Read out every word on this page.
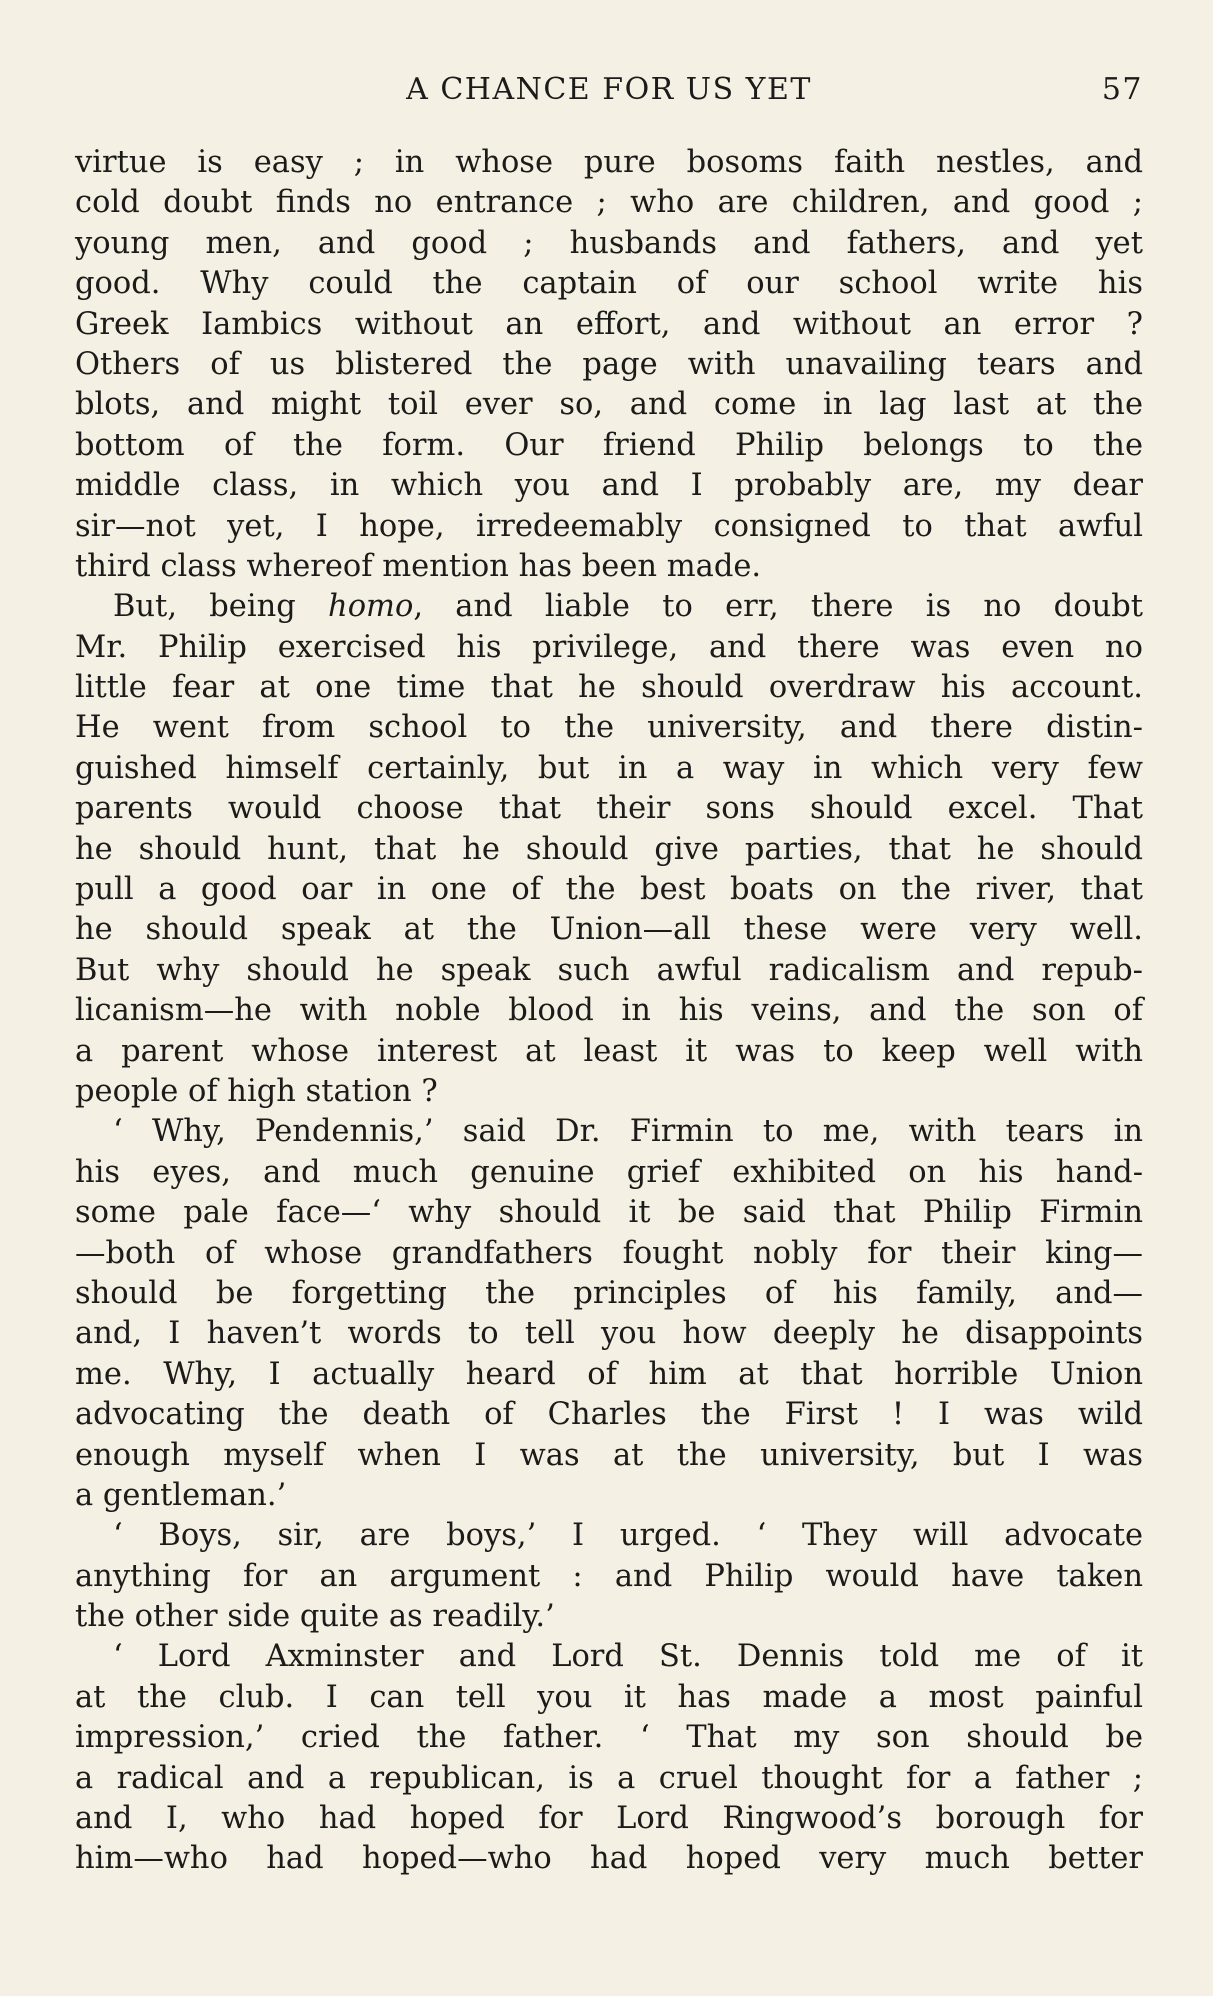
A CHANCE FOR US YET	57
virtue is easy ; in whose pure bosoms faith nestles, and
cold doubt finds no entrance ; who are children, and good ;
young men, and good ; husbands and fathers, and yet
good. Why could the captain of our school write his
Greek Iambics without an effort, and without an error ?
Others of us blistered the page with unavailing tears and
blots, and might toil ever so, and come in lag last at the
bottom of the form. Our friend Philip belongs to the
middle class, in which you and I probably are, my dear
sir—not yet, I hope, irredeemably consigned to that awful
third class whereof mention has been made.
But, being homo, and liable to err, there is no doubt
Mr. Philip exercised his privilege, and there was even no
little fear at one time that he should overdraw his account.
He went from school to the university, and there distin-
guished himself certainly, but in a way in which very few
parents would choose that their sons should excel. That
he should hunt, that he should give parties, that he should
pull a good oar in one of the best boats on the river, that
he should speak at the Union—all these were very well.
But why should he speak such awful radicalism and repub-
licanism—he with noble blood in his veins, and the son of
a parent whose interest at least it was to keep well with
people of high station ?
‘ Why, Pendennis,’ said Dr. Firmin to me, with tears in
his eyes, and much genuine grief exhibited on his hand-
some pale face—‘ why should it be said that Philip Firmin
—both of whose grandfathers fought nobly for their king—
should be forgetting the principles of his family, and—
and, I haven’t words to tell you how deeply he disappoints
me. Why, I actually heard of him at that horrible Union
advocating the death of Charles the First ! I was wild
enough myself when I was at the university, but I was
a gentleman.’
‘ Boys, sir, are boys,’ I urged. ‘ They will advocate
anything for an argument : and Philip would have taken
the other side quite as readily.’
‘ Lord Axminster and Lord St. Dennis told me of it
at the club. I can tell you it has made a most painful
impression,’ cried the father. ‘ That my son should be
a radical and a republican, is a cruel thought for a father ;
and I, who had hoped for Lord Ringwood’s borough for
him—who had hoped—who had hoped very much better
